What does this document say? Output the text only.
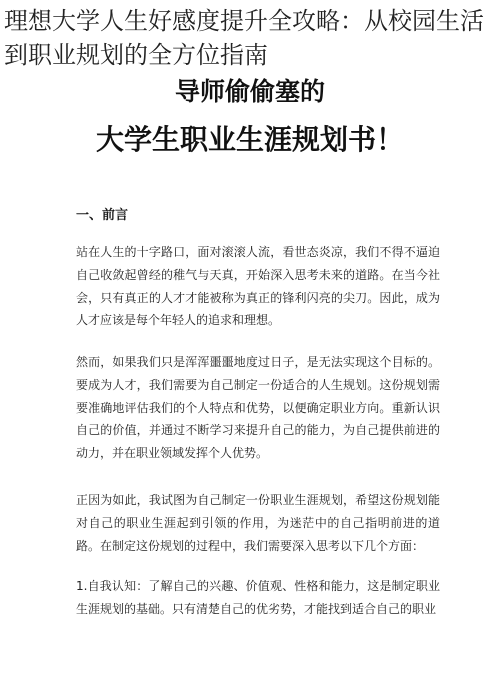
导师偷偷塞的
大学生职业生涯规划书！
一、前言
站在人生的十字路口，面对滚滚人流，看世态炎凉，我们不得不逼迫自己收敛起曾经的稚气与天真，开始深入思考未来的道路。在当今社会，只有真正的人才才能被称为真正的锋利闪亮的尖刀。因此，成为人才应该是每个年轻人的追求和理想。
然而，如果我们只是浑浑噩噩地度过日子，是无法实现这个目标的。要成为人才，我们需要为自己制定一份适合的人生规划。这份规划需要准确地评估我们的个人特点和优势，以便确定职业方向。重新认识自己的价值，并通过不断学习来提升自己的能力，为自己提供前进的动力，并在职业领域发挥个人优势。
正因为如此，我试图为自己制定一份职业生涯规划，希望这份规划能对自己的职业生涯起到引领的作用，为迷茫中的自己指明前进的道路。在制定这份规划的过程中，我们需要深入思考以下几个方面：
1.自我认知：了解自己的兴趣、价值观、性格和能力，这是制定职业生涯规划的基础。只有清楚自己的优劣势，才能找到适合自己的职业
理想大学人生好感度提升全攻略：从校园生活到职业规划的全方位指南
